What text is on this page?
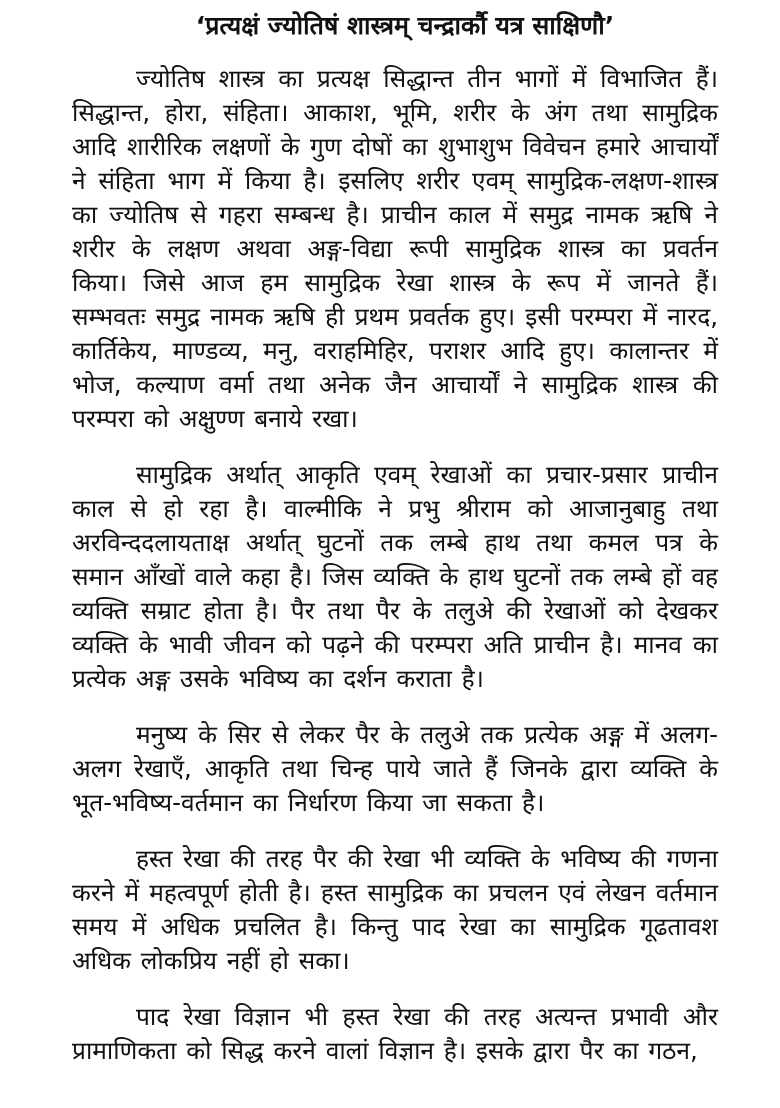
‘प्रत्यक्षं ज्योतिषं शास्त्रम् चन्द्रार्कौ यत्र साक्षिणौ’

ज्योतिष शास्त्र का प्रत्यक्ष सिद्धान्त तीन भागों में विभाजित हैं। सिद्धान्त, होरा, संहिता। आकाश, भूमि, शरीर के अंग तथा सामुद्रिक आदि शारीरिक लक्षणों के गुण दोषों का शुभाशुभ विवेचन हमारे आचार्यों ने संहिता भाग में किया है। इसलिए शरीर एवम् सामुद्रिक-लक्षण-शास्त्र का ज्योतिष से गहरा सम्बन्ध है। प्राचीन काल में समुद्र नामक ऋषि ने शरीर के लक्षण अथवा अङ्ग-विद्या रूपी सामुद्रिक शास्त्र का प्रवर्तन किया। जिसे आज हम सामुद्रिक रेखा शास्त्र के रूप में जानते हैं। सम्भवतः समुद्र नामक ऋषि ही प्रथम प्रवर्तक हुए। इसी परम्परा में नारद, कार्तिकेय, माण्डव्य, मनु, वराहमिहिर, पराशर आदि हुए। कालान्तर में भोज, कल्याण वर्मा तथा अनेक जैन आचार्यों ने सामुद्रिक शास्त्र की परम्परा को अक्षुण्ण बनाये रखा।

सामुद्रिक अर्थात् आकृति एवम् रेखाओं का प्रचार-प्रसार प्राचीन काल से हो रहा है। वाल्मीकि ने प्रभु श्रीराम को आजानुबाहु तथा अरविन्ददलायताक्ष अर्थात् घुटनों तक लम्बे हाथ तथा कमल पत्र के समान आँखों वाले कहा है। जिस व्यक्ति के हाथ घुटनों तक लम्बे हों वह व्यक्ति सम्राट होता है। पैर तथा पैर के तलुअे की रेखाओं को देखकर व्यक्ति के भावी जीवन को पढ़ने की परम्परा अति प्राचीन है। मानव का प्रत्येक अङ्ग उसके भविष्य का दर्शन कराता है।

मनुष्य के सिर से लेकर पैर के तलुअे तक प्रत्येक अङ्ग में अलग-अलग रेखाएँ, आकृति तथा चिन्ह पाये जाते हैं जिनके द्वारा व्यक्ति के भूत-भविष्य-वर्तमान का निर्धारण किया जा सकता है।

हस्त रेखा की तरह पैर की रेखा भी व्यक्ति के भविष्य की गणना करने में महत्वपूर्ण होती है। हस्त सामुद्रिक का प्रचलन एवं लेखन वर्तमान समय में अधिक प्रचलित है। किन्तु पाद रेखा का सामुद्रिक गूढतावश अधिक लोकप्रिय नहीं हो सका।

पाद रेखा विज्ञान भी हस्त रेखा की तरह अत्यन्त प्रभावी और प्रामाणिकता को सिद्ध करने वालां विज्ञान है। इसके द्वारा पैर का गठन,
